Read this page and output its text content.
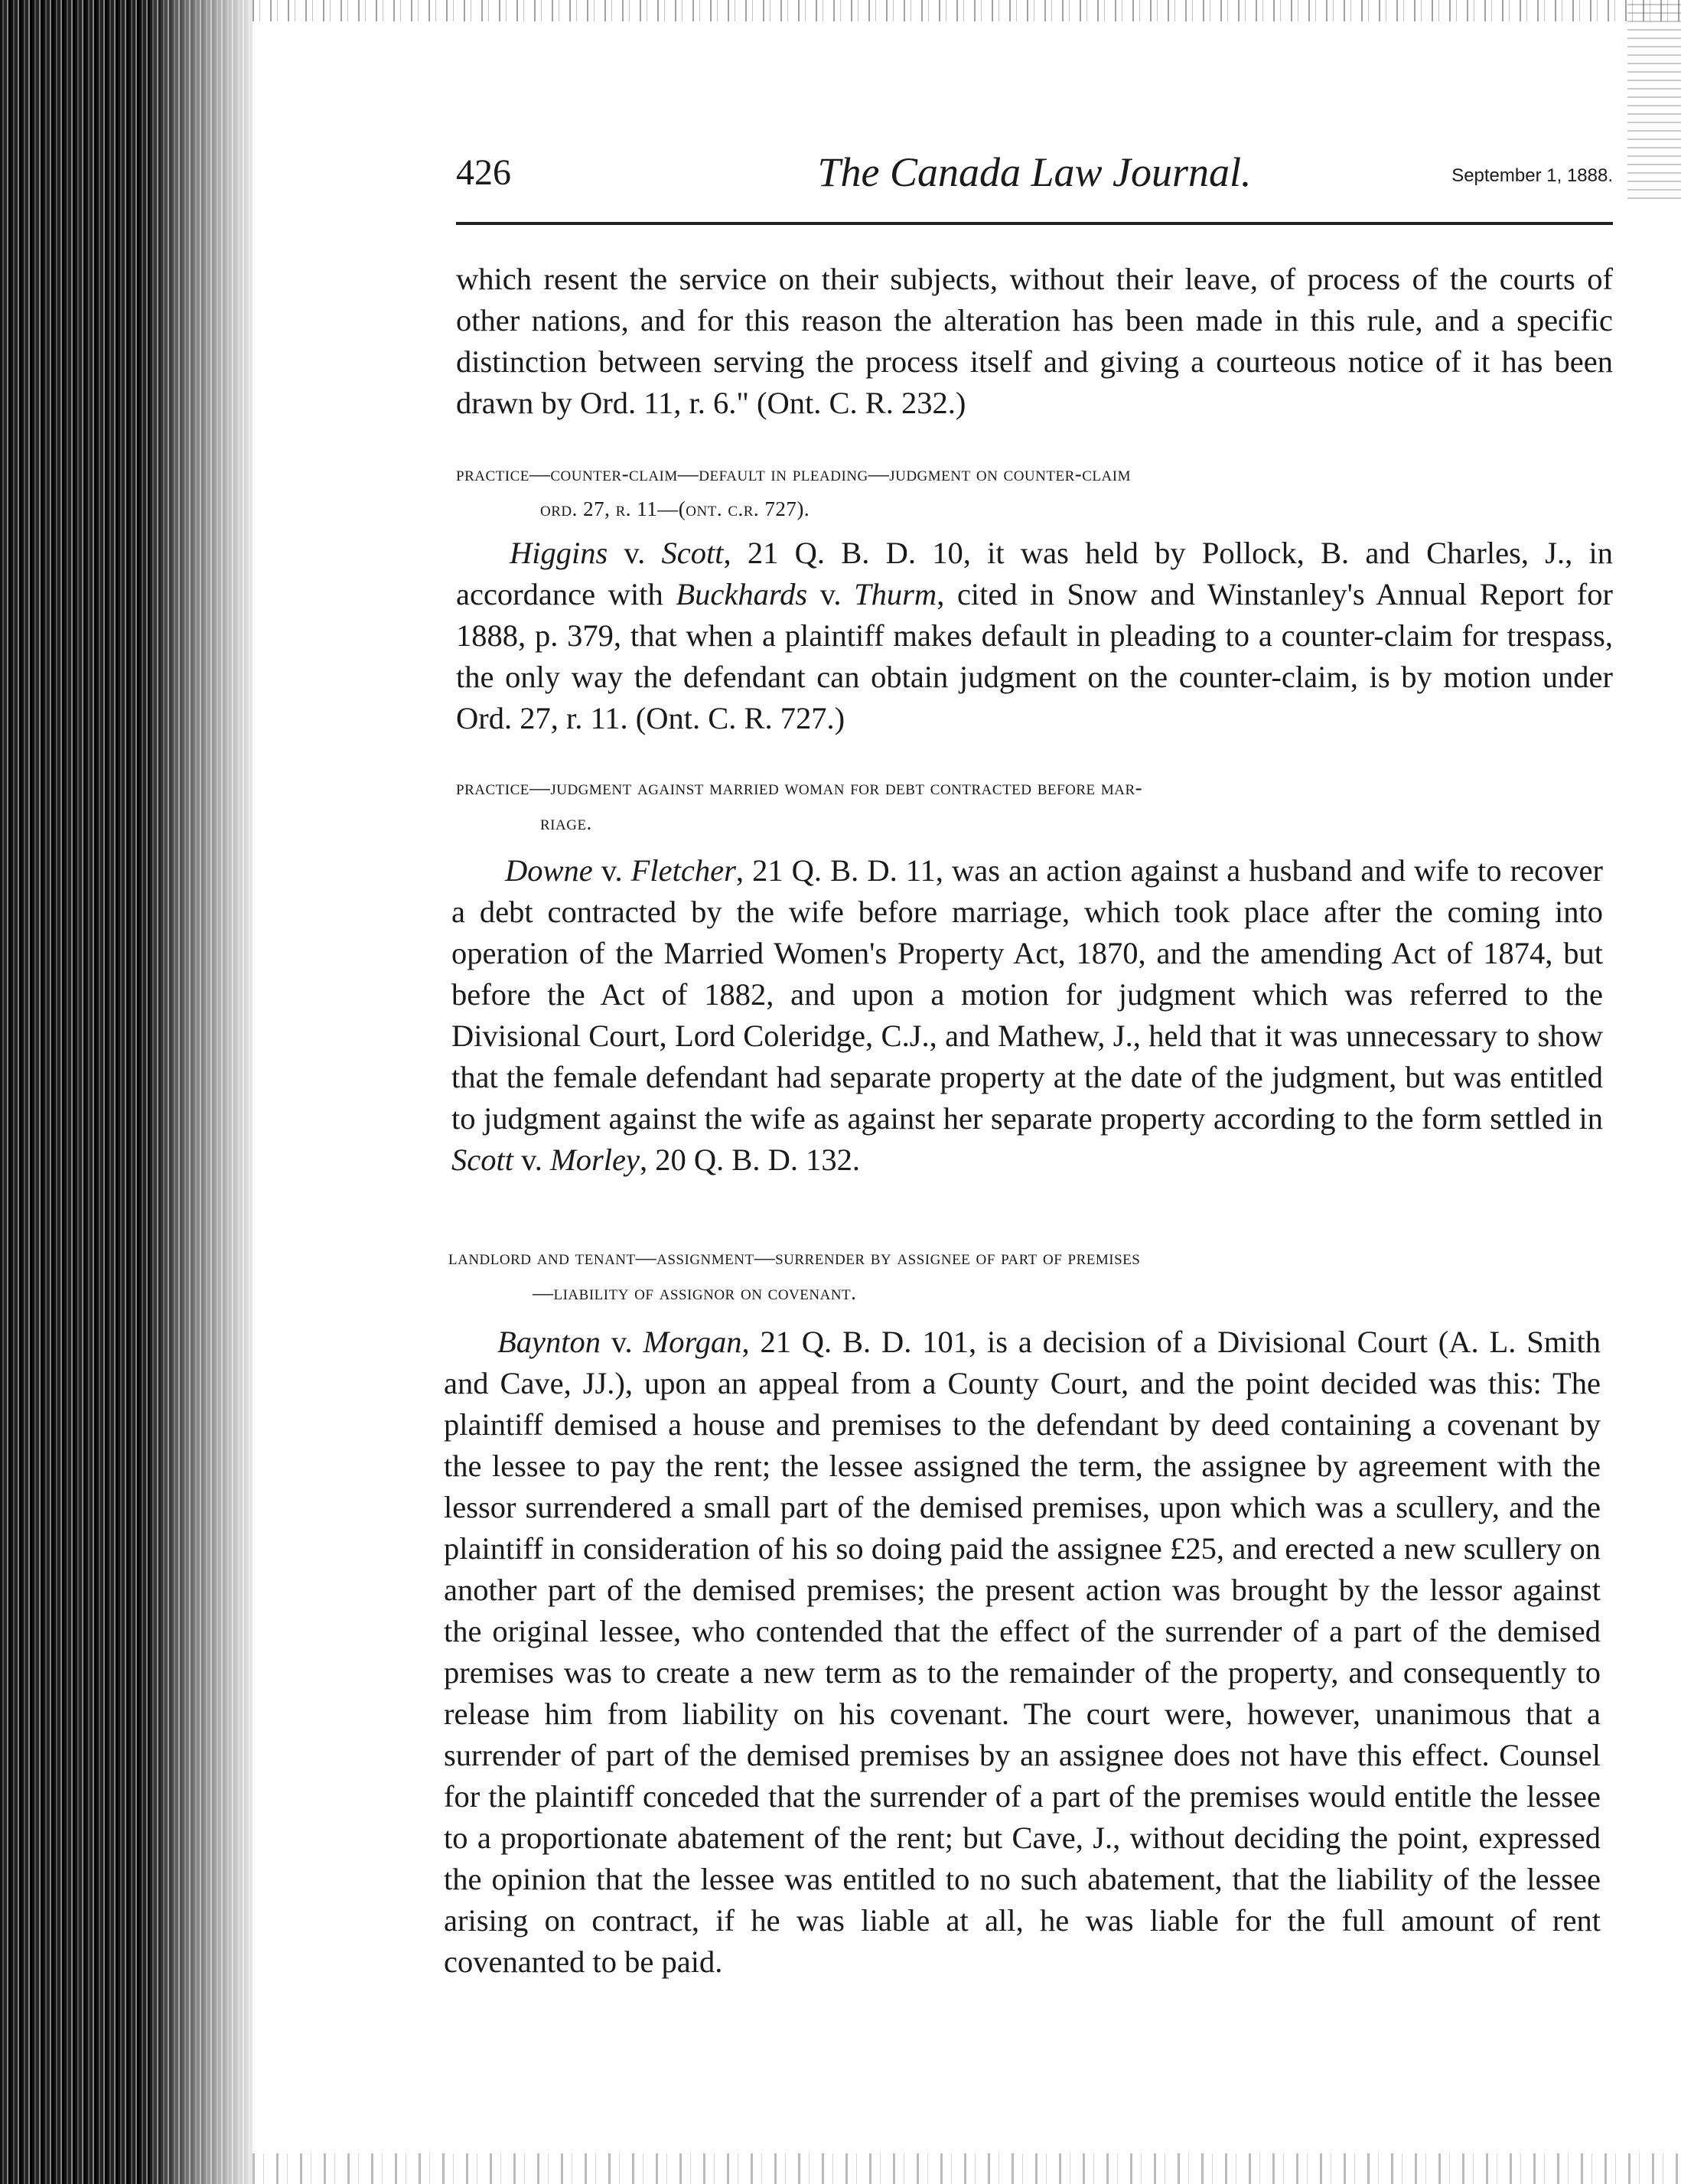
426	The Canada Law Journal.	September 1, 1888.

which resent the service on their subjects, without their leave, of process of the courts of other nations, and for this reason the alteration has been made in this rule, and a specific distinction between serving the process itself and giving a courteous notice of it has been drawn by Ord. 11, r. 6." (Ont. C. R. 232.)

practice—counter-claim—default in pleading—judgment on counter-claim
ord. 27, r. 11—(ont. c.r. 727).

Higgins v. Scott, 21 Q. B. D. 10, it was held by Pollock, B. and Charles, J., in accordance with Buckhards v. Thurm, cited in Snow and Winstanley's Annual Report for 1888, p. 379, that when a plaintiff makes default in pleading to a counter-claim for trespass, the only way the defendant can obtain judgment on the counter-claim, is by motion under Ord. 27, r. 11. (Ont. C. R. 727.)

practice—judgment against married woman for debt contracted before mar-
riage.

Downe v. Fletcher, 21 Q. B. D. 11, was an action against a husband and wife to recover a debt contracted by the wife before marriage, which took place after the coming into operation of the Married Women's Property Act, 1870, and the amending Act of 1874, but before the Act of 1882, and upon a motion for judgment which was referred to the Divisional Court, Lord Coleridge, C.J., and Mathew, J., held that it was unnecessary to show that the female defendant had separate property at the date of the judgment, but was entitled to judgment against the wife as against her separate property according to the form settled in Scott v. Morley, 20 Q. B. D. 132.

landlord and tenant—assignment—surrender by assignee of part of premises
—liability of assignor on covenant.

Baynton v. Morgan, 21 Q. B. D. 101, is a decision of a Divisional Court (A. L. Smith and Cave, JJ.), upon an appeal from a County Court, and the point decided was this: The plaintiff demised a house and premises to the defendant by deed containing a covenant by the lessee to pay the rent; the lessee assigned the term, the assignee by agreement with the lessor surrendered a small part of the demised premises, upon which was a scullery, and the plaintiff in consideration of his so doing paid the assignee £25, and erected a new scullery on another part of the demised premises; the present action was brought by the lessor against the original lessee, who contended that the effect of the surrender of a part of the demised premises was to create a new term as to the remainder of the property, and consequently to release him from liability on his covenant. The court were, however, unanimous that a surrender of part of the demised premises by an assignee does not have this effect. Counsel for the plaintiff conceded that the surrender of a part of the premises would entitle the lessee to a proportionate abatement of the rent; but Cave, J., without deciding the point, expressed the opinion that the lessee was entitled to no such abatement, that the liability of the lessee arising on contract, if he was liable at all, he was liable for the full amount of rent covenanted to be paid.
